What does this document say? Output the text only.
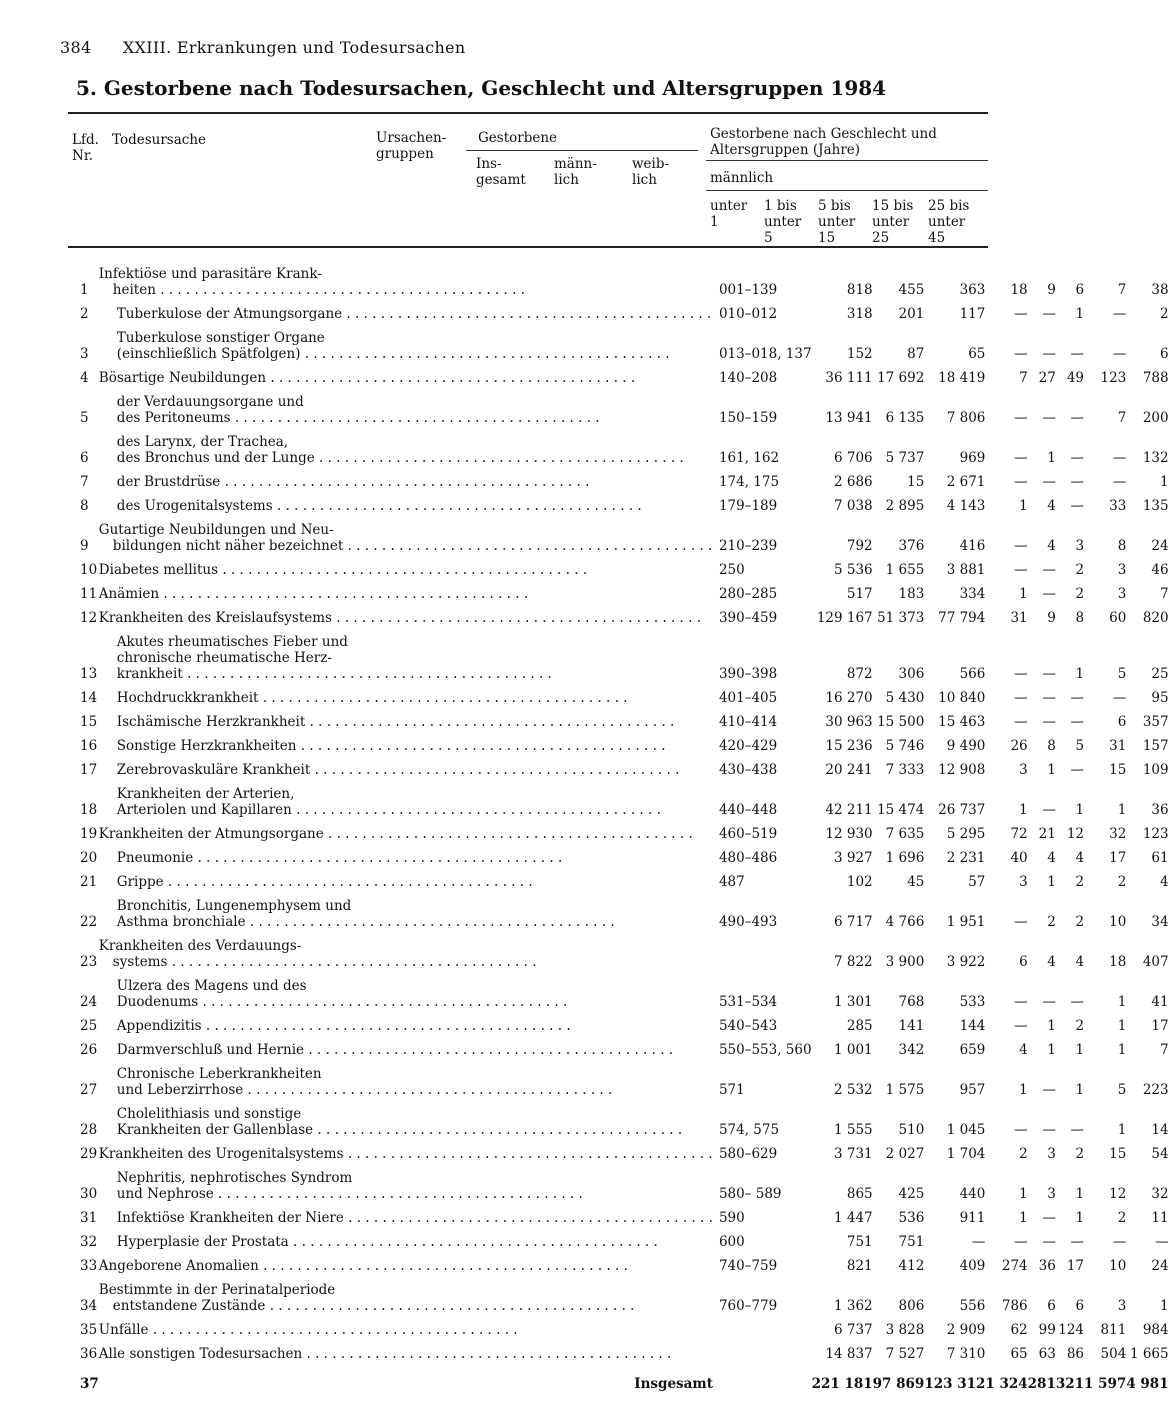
384 XXIII. Erkrankungen und Todesursachen
5. Gestorbene nach Todesursachen, Geschlecht und Altersgruppen 1984
Lfd. Nr.
Todesursache	Ursachen- gruppen
Gestorbene
Ins- gesamt
männ- lich
weib- lich
Gestorbene nach Geschlecht und Altersgruppen (Jahre)
männlich
unter 1
1 bis unter 5
5 bis unter 15
15 bis unter 25
25 bis unter 45
1	Infektiöse und parasitäre Krank-
heiten . . .	001–139	818	455	363	18	9	6	7	38
2	Tuberkulose der Atmungsorgane . . .	010–012	318	201	117	—	—	1	—	2
3	Tuberkulose sonstiger Organe
(einschließlich Spätfolgen) . . .	013–018, 137	152	87	65	—	—	—	—	6
4	Bösartige Neubildungen . . .	140–208	36 111	17 692	18 419	7	27	49	123	788
5	der Verdauungsorgane und
des Peritoneums . . .	150–159	13 941	6 135	7 806	—	—	—	7	200
6	des Larynx, der Trachea,
des Bronchus und der Lunge . . .	161, 162	6 706	5 737	969	—	1	—	—	132
7	der Brustdrüse . . .	174, 175	2 686	15	2 671	—	—	—	—	1
8	des Urogenitalsystems . . .	179–189	7 038	2 895	4 143	1	4	—	33	135
9	Gutartige Neubildungen und Neu-
bildungen nicht näher bezeichnet . . .	210–239	792	376	416	—	4	3	8	24
10	Diabetes mellitus . . .	250	5 536	1 655	3 881	—	—	2	3	46
11	Anämien . . .	280–285	517	183	334	1	—	2	3	7
12	Krankheiten des Kreislaufsystems . . .	390–459	129 167	51 373	77 794	31	9	8	60	820
13	Akutes rheumatisches Fieber und
chronische rheumatische Herz-
krankheit . . .	390–398	872	306	566	—	—	1	5	25
14	Hochdruckkrankheit . . .	401–405	16 270	5 430	10 840	—	—	—	—	95
15	Ischämische Herzkrankheit . . .	410–414	30 963	15 500	15 463	—	—	—	6	357
16	Sonstige Herzkrankheiten . . .	420–429	15 236	5 746	9 490	26	8	5	31	157
17	Zerebrovaskuläre Krankheit . . .	430–438	20 241	7 333	12 908	3	1	—	15	109
18	Krankheiten der Arterien,
Arteriolen und Kapillaren . . .	440–448	42 211	15 474	26 737	1	—	1	1	36
19	Krankheiten der Atmungsorgane . . .	460–519	12 930	7 635	5 295	72	21	12	32	123
20	Pneumonie . . .	480–486	3 927	1 696	2 231	40	4	4	17	61
21	Grippe . . .	487	102	45	57	3	1	2	2	4
22	Bronchitis, Lungenemphysem und
Asthma bronchiale . . .	490–493	6 717	4 766	1 951	—	2	2	10	34
23	Krankheiten des Verdauungs-
systems . . .		7 822	3 900	3 922	6	4	4	18	407
24	Ulzera des Magens und des
Duodenums . . .	531–534	1 301	768	533	—	—	—	1	41
25	Appendizitis . . .	540–543	285	141	144	—	1	2	1	17
26	Darmverschluß und Hernie . . .	550–553, 560	1 001	342	659	4	1	1	1	7
27	Chronische Leberkrankheiten
und Leberzirrhose . . .	571	2 532	1 575	957	1	—	1	5	223
28	Cholelithiasis und sonstige
Krankheiten der Gallenblase . . .	574, 575	1 555	510	1 045	—	—	—	1	14
29	Krankheiten des Urogenitalsystems . . .	580–629	3 731	2 027	1 704	2	3	2	15	54
30	Nephritis, nephrotisches Syndrom
und Nephrose . . .	580– 589	865	425	440	1	3	1	12	32
31	Infektiöse Krankheiten der Niere . . .	590	1 447	536	911	1	—	1	2	11
32	Hyperplasie der Prostata . . .	600	751	751	—	—	—	—	—	—
33	Angeborene Anomalien . . .	740–759	821	412	409	274	36	17	10	24
34	Bestimmte in der Perinatalperiode
entstandene Zustände . . .	760–779	1 362	806	556	786	6	6	3	1
35	Unfälle . . .		6 737	3 828	2 909	62	99	124	811	984
36	Alle sonstigen Todesursachen . . .		14 837	7 527	7 310	65	63	86	504	1 665
37	Insgesamt		221 181	97 869	123 312	1 324	281	321	1 597	4 981
